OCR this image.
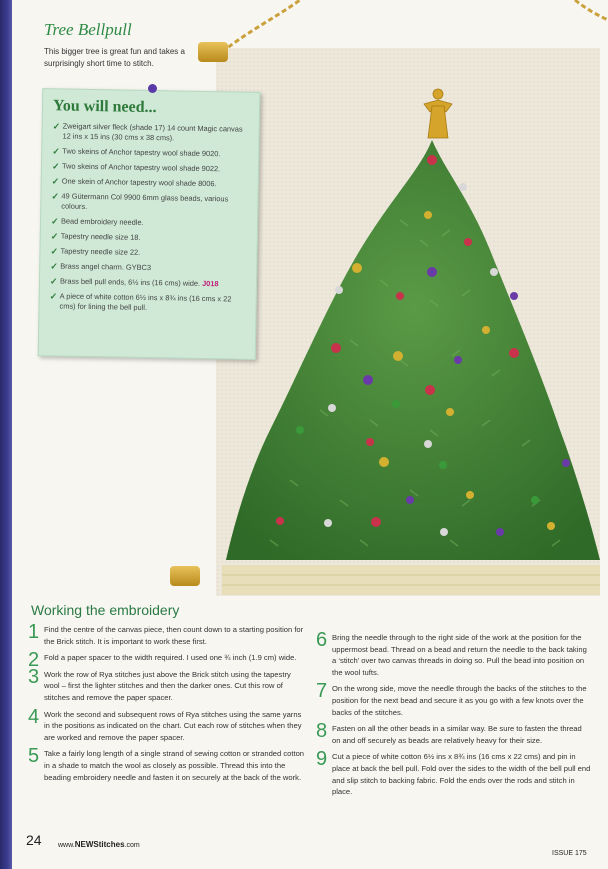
Tree Bellpull

This bigger tree is great fun and takes a surprisingly short time to stitch.

You will need...
✓ Zweigart silver fleck (shade 17) 14 count Magic canvas 12 ins x 15 ins (30 cms x 38 cms).
✓ Two skeins of Anchor tapestry wool shade 9020.
✓ Two skeins of Anchor tapestry wool shade 9022.
✓ One skein of Anchor tapestry wool shade 8006.
✓ 49 Gütermann Col 9900 6mm glass beads, various colours.
✓ Bead embroidery needle.
✓ Tapestry needle size 18.
✓ Tapestry needle size 22.
✓ Brass angel charm. GYBC3
✓ Brass bell pull ends, 6½ ins (16 cms) wide. J018
✓ A piece of white cotton 6½ ins x 8¾ ins (16 cms x 22 cms) for lining the bell pull.
Working the embroidery
1 Find the centre of the canvas piece, then count down to a starting position for the Brick stitch. It is important to work these first.
2 Fold a paper spacer to the width required. I used one ¾ inch (1.9 cm) wide.
3 Work the row of Rya stitches just above the Brick stitch using the tapestry wool – first the lighter stitches and then the darker ones. Cut this row of stitches and remove the paper spacer.
4 Work the second and subsequent rows of Rya stitches using the same yarns in the positions as indicated on the chart. Cut each row of stitches when they are worked and remove the paper spacer.
5 Take a fairly long length of a single strand of sewing cotton or stranded cotton in a shade to match the wool as closely as possible. Thread this into the beading embroidery needle and fasten it on securely at the back of the work.
6 Bring the needle through to the right side of the work at the position for the uppermost bead. Thread on a bead and return the needle to the back taking a ‘stitch’ over two canvas threads in doing so. Pull the bead into position on the wool tufts.
7 On the wrong side, move the needle through the backs of the stitches to the position for the next bead and secure it as you go with a few knots over the backs of the stitches.
8 Fasten on all the other beads in a similar way. Be sure to fasten the thread on and off securely as beads are relatively heavy for their size.
9 Cut a piece of white cotton 6½ ins x 8¾ ins (16 cms x 22 cms) and pin in place at back the bell pull. Fold over the sides to the width of the bell pull end and slip stitch to backing fabric. Fold the ends over the rods and stitch in place.
24 www.NEWStitches.com
ISSUE 175
